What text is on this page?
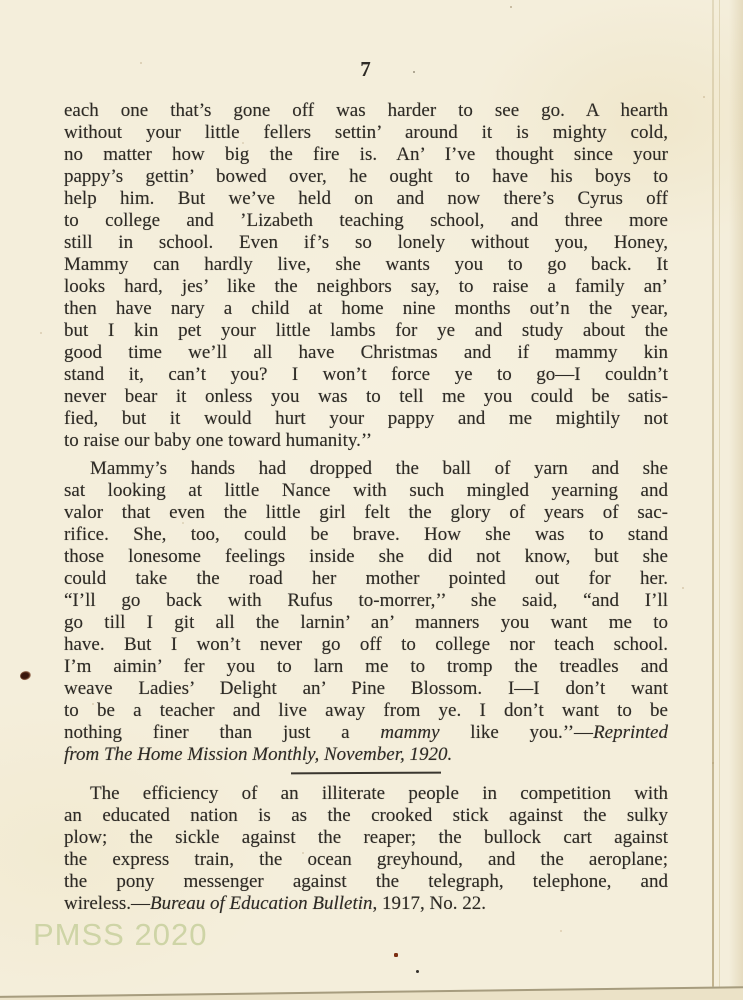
7
each one that’s gone off was harder to see go. A hearth
without your little fellers settin’ around it is mighty cold,
no matter how big the fire is. An’ I’ve thought since your
pappy’s gettin’ bowed over, he ought to have his boys to
help him. But we’ve held on and now there’s Cyrus off
to college and ’Lizabeth teaching school, and three more
still in school. Even if’s so lonely without you, Honey,
Mammy can hardly live, she wants you to go back. It
looks hard, jes’ like the neighbors say, to raise a family an’
then have nary a child at home nine months out’n the year,
but I kin pet your little lambs for ye and study about the
good time we’ll all have Christmas and if mammy kin
stand it, can’t you? I won’t force ye to go—I couldn’t
never bear it onless you was to tell me you could be satis-
fied, but it would hurt your pappy and me mightily not
to raise our baby one toward humanity.’’
Mammy’s hands had dropped the ball of yarn and she
sat looking at little Nance with such mingled yearning and
valor that even the little girl felt the glory of years of sac-
rifice. She, too, could be brave. How she was to stand
those lonesome feelings inside she did not know, but she
could take the road her mother pointed out for her.
“I’ll go back with Rufus to-morrer,’’ she said, “and I’ll
go till I git all the larnin’ an’ manners you want me to
have. But I won’t never go off to college nor teach school.
I’m aimin’ fer you to larn me to tromp the treadles and
weave Ladies’ Delight an’ Pine Blossom. I—I don’t want
to be a teacher and live away from ye. I don’t want to be
nothing finer than just a mammy like you.’’—Reprinted
from The Home Mission Monthly, November, 1920.
The efficiency of an illiterate people in competition with
an educated nation is as the crooked stick against the sulky
plow; the sickle against the reaper; the bullock cart against
the express train, the ocean greyhound, and the aeroplane;
the pony messenger against the telegraph, telephone, and
wireless.—Bureau of Education Bulletin, 1917, No. 22.
PMSS 2020
